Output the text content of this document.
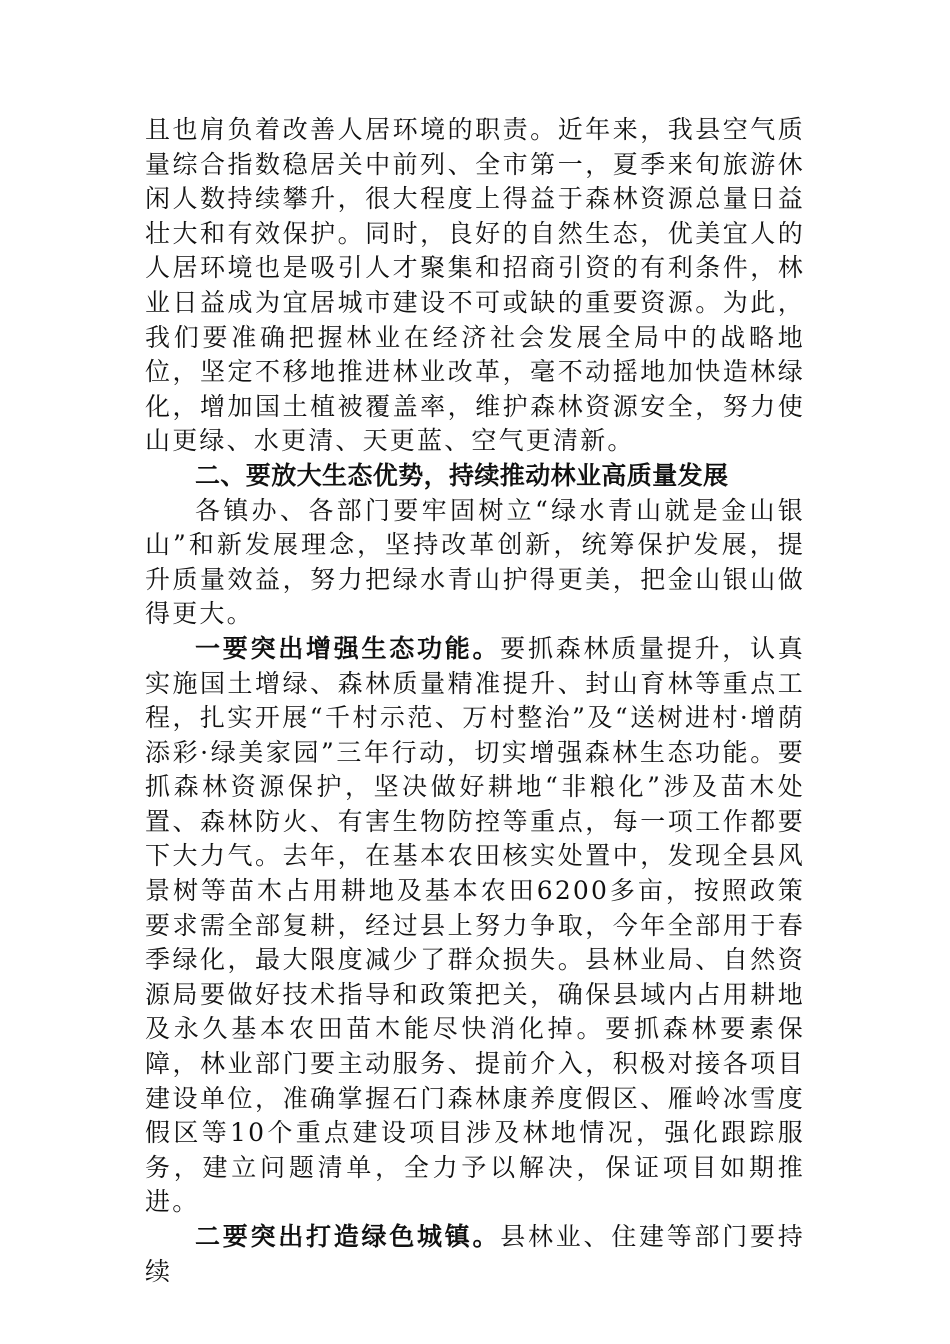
且也肩负着改善人居环境的职责。近年来，我县空气质量综合指数稳居关中前列、全市第一，夏季来旬旅游休闲人数持续攀升，很大程度上得益于森林资源总量日益壮大和有效保护。同时，良好的自然生态，优美宜人的人居环境也是吸引人才聚集和招商引资的有利条件，林业日益成为宜居城市建设不可或缺的重要资源。为此，我们要准确把握林业在经济社会发展全局中的战略地位，坚定不移地推进林业改革，毫不动摇地加快造林绿化，增加国土植被覆盖率，维护森林资源安全，努力使山更绿、水更清、天更蓝、空气更清新。

二、要放大生态优势，持续推动林业高质量发展

各镇办、各部门要牢固树立“绿水青山就是金山银山”和新发展理念，坚持改革创新，统筹保护发展，提升质量效益，努力把绿水青山护得更美，把金山银山做得更大。

一要突出增强生态功能。要抓森林质量提升，认真实施国土增绿、森林质量精准提升、封山育林等重点工程，扎实开展“千村示范、万村整治”及“送树进村·增荫添彩·绿美家园”三年行动，切实增强森林生态功能。要抓森林资源保护，坚决做好耕地“非粮化”涉及苗木处置、森林防火、有害生物防控等重点，每一项工作都要下大力气。去年，在基本农田核实处置中，发现全县风景树等苗木占用耕地及基本农田6200多亩，按照政策要求需全部复耕，经过县上努力争取，今年全部用于春季绿化，最大限度减少了群众损失。县林业局、自然资源局要做好技术指导和政策把关，确保县域内占用耕地及永久基本农田苗木能尽快消化掉。要抓森林要素保障，林业部门要主动服务、提前介入，积极对接各项目建设单位，准确掌握石门森林康养度假区、雁岭冰雪度假区等10个重点建设项目涉及林地情况，强化跟踪服务，建立问题清单，全力予以解决，保证项目如期推进。

二要突出打造绿色城镇。县林业、住建等部门要持续
